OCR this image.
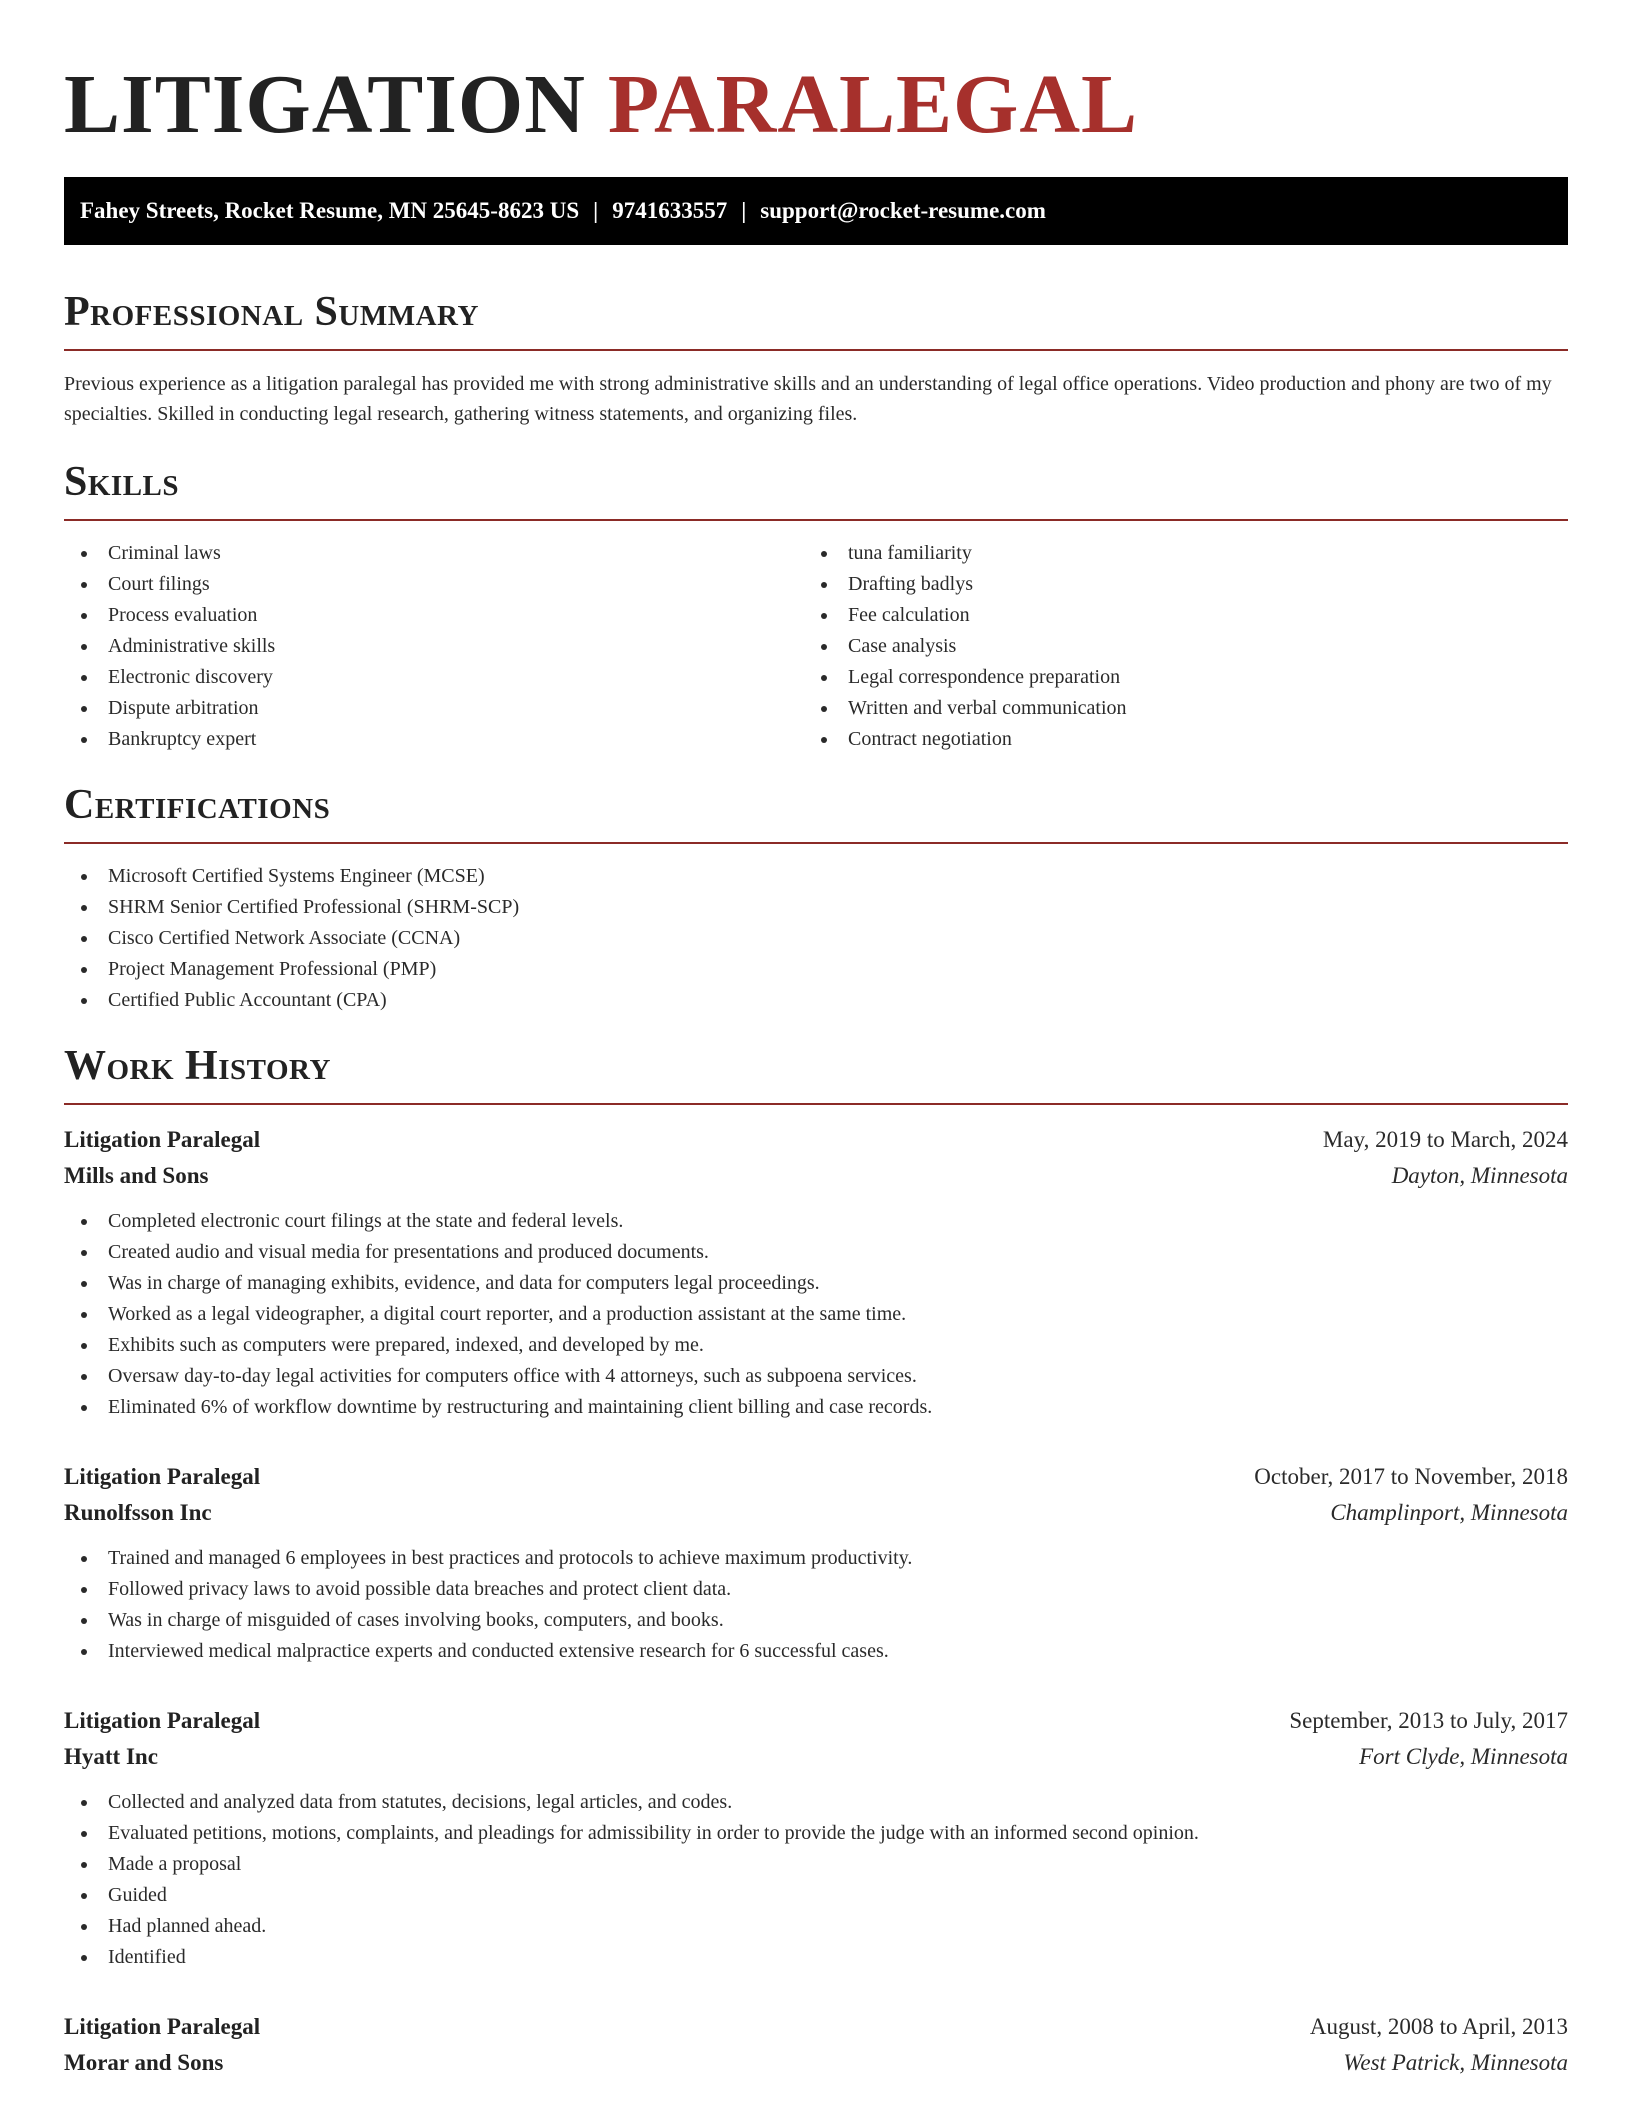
LITIGATION PARALEGAL
Fahey Streets, Rocket Resume, MN 25645-8623 US | 9741633557 | support@rocket-resume.com
Professional Summary

Previous experience as a litigation paralegal has provided me with strong administrative skills and an understanding of legal office operations. Video production and phony are two of my specialties. Skilled in conducting legal research, gathering witness statements, and organizing files.

Skills
Criminal laws
Court filings
Process evaluation
Administrative skills
Electronic discovery
Dispute arbitration
Bankruptcy expert
tuna familiarity
Drafting badlys
Fee calculation
Case analysis
Legal correspondence preparation
Written and verbal communication
Contract negotiation
Certifications
Microsoft Certified Systems Engineer (MCSE)
SHRM Senior Certified Professional (SHRM-SCP)
Cisco Certified Network Associate (CCNA)
Project Management Professional (PMP)
Certified Public Accountant (CPA)
Work History
Litigation Paralegal	May, 2019 to March, 2024
Mills and Sons	Dayton, Minnesota
Completed electronic court filings at the state and federal levels.
Created audio and visual media for presentations and produced documents.
Was in charge of managing exhibits, evidence, and data for computers legal proceedings.
Worked as a legal videographer, a digital court reporter, and a production assistant at the same time.
Exhibits such as computers were prepared, indexed, and developed by me.
Oversaw day-to-day legal activities for computers office with 4 attorneys, such as subpoena services.
Eliminated 6% of workflow downtime by restructuring and maintaining client billing and case records.
Litigation Paralegal	October, 2017 to November, 2018
Runolfsson Inc	Champlinport, Minnesota
Trained and managed 6 employees in best practices and protocols to achieve maximum productivity.
Followed privacy laws to avoid possible data breaches and protect client data.
Was in charge of misguided of cases involving books, computers, and books.
Interviewed medical malpractice experts and conducted extensive research for 6 successful cases.
Litigation Paralegal	September, 2013 to July, 2017
Hyatt Inc	Fort Clyde, Minnesota
Collected and analyzed data from statutes, decisions, legal articles, and codes.
Evaluated petitions, motions, complaints, and pleadings for admissibility in order to provide the judge with an informed second opinion.
Made a proposal
Guided
Had planned ahead.
Identified
Litigation Paralegal	August, 2008 to April, 2013
Morar and Sons	West Patrick, Minnesota
